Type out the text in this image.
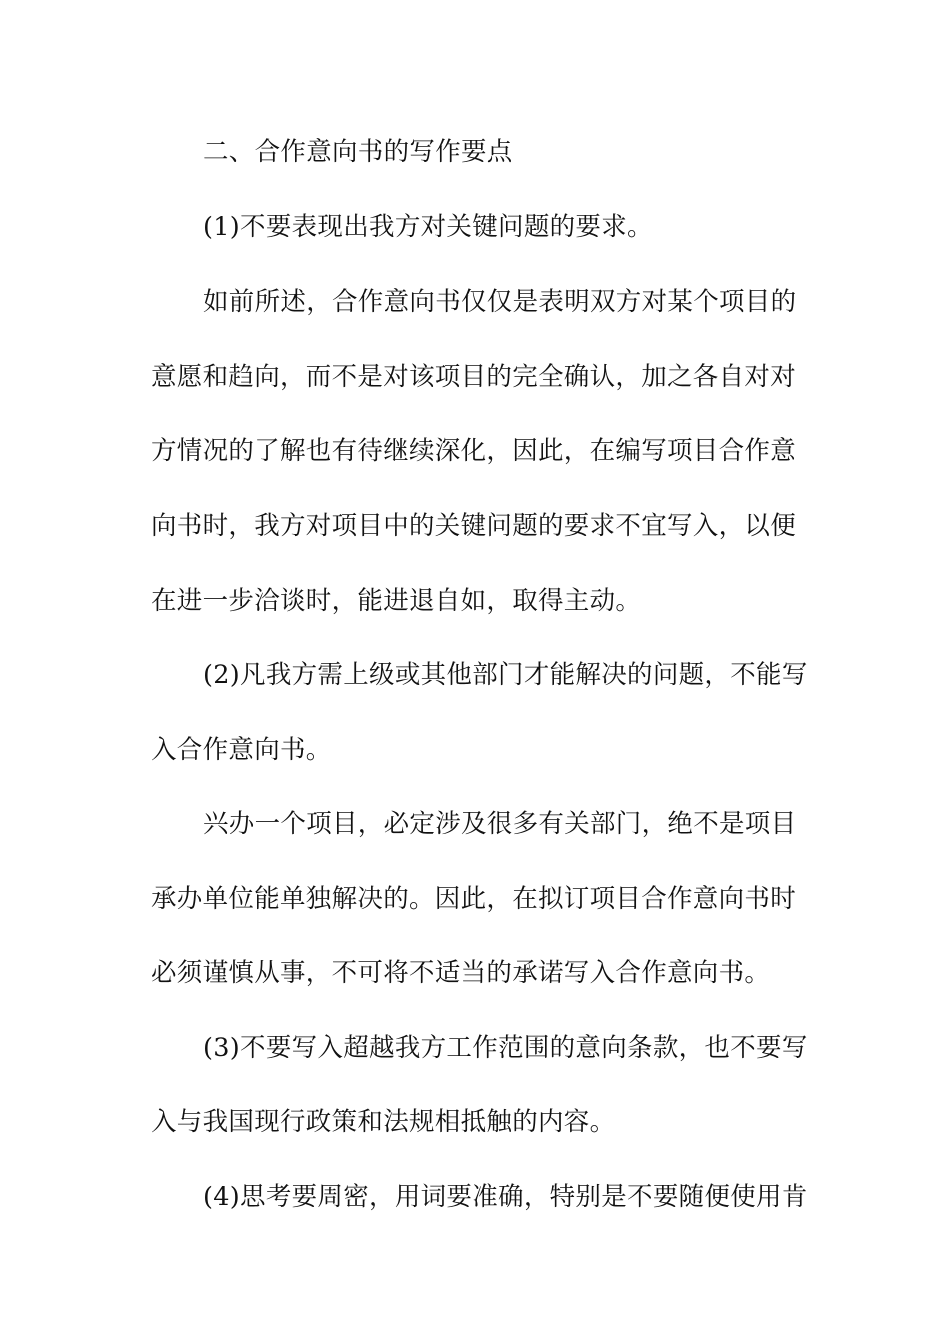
二、合作意向书的写作要点
(1)不要表现出我方对关键问题的要求。
如前所述，合作意向书仅仅是表明双方对某个项目的
意愿和趋向，而不是对该项目的完全确认，加之各自对对
方情况的了解也有待继续深化，因此，在编写项目合作意
向书时，我方对项目中的关键问题的要求不宜写入，以便
在进一步洽谈时，能进退自如，取得主动。
(2)凡我方需上级或其他部门才能解决的问题，不能写
入合作意向书。
兴办一个项目，必定涉及很多有关部门，绝不是项目
承办单位能单独解决的。因此，在拟订项目合作意向书时
必须谨慎从事，不可将不适当的承诺写入合作意向书。
(3)不要写入超越我方工作范围的意向条款，也不要写
入与我国现行政策和法规相抵触的内容。
(4)思考要周密，用词要准确，特别是不要随便使用肯
